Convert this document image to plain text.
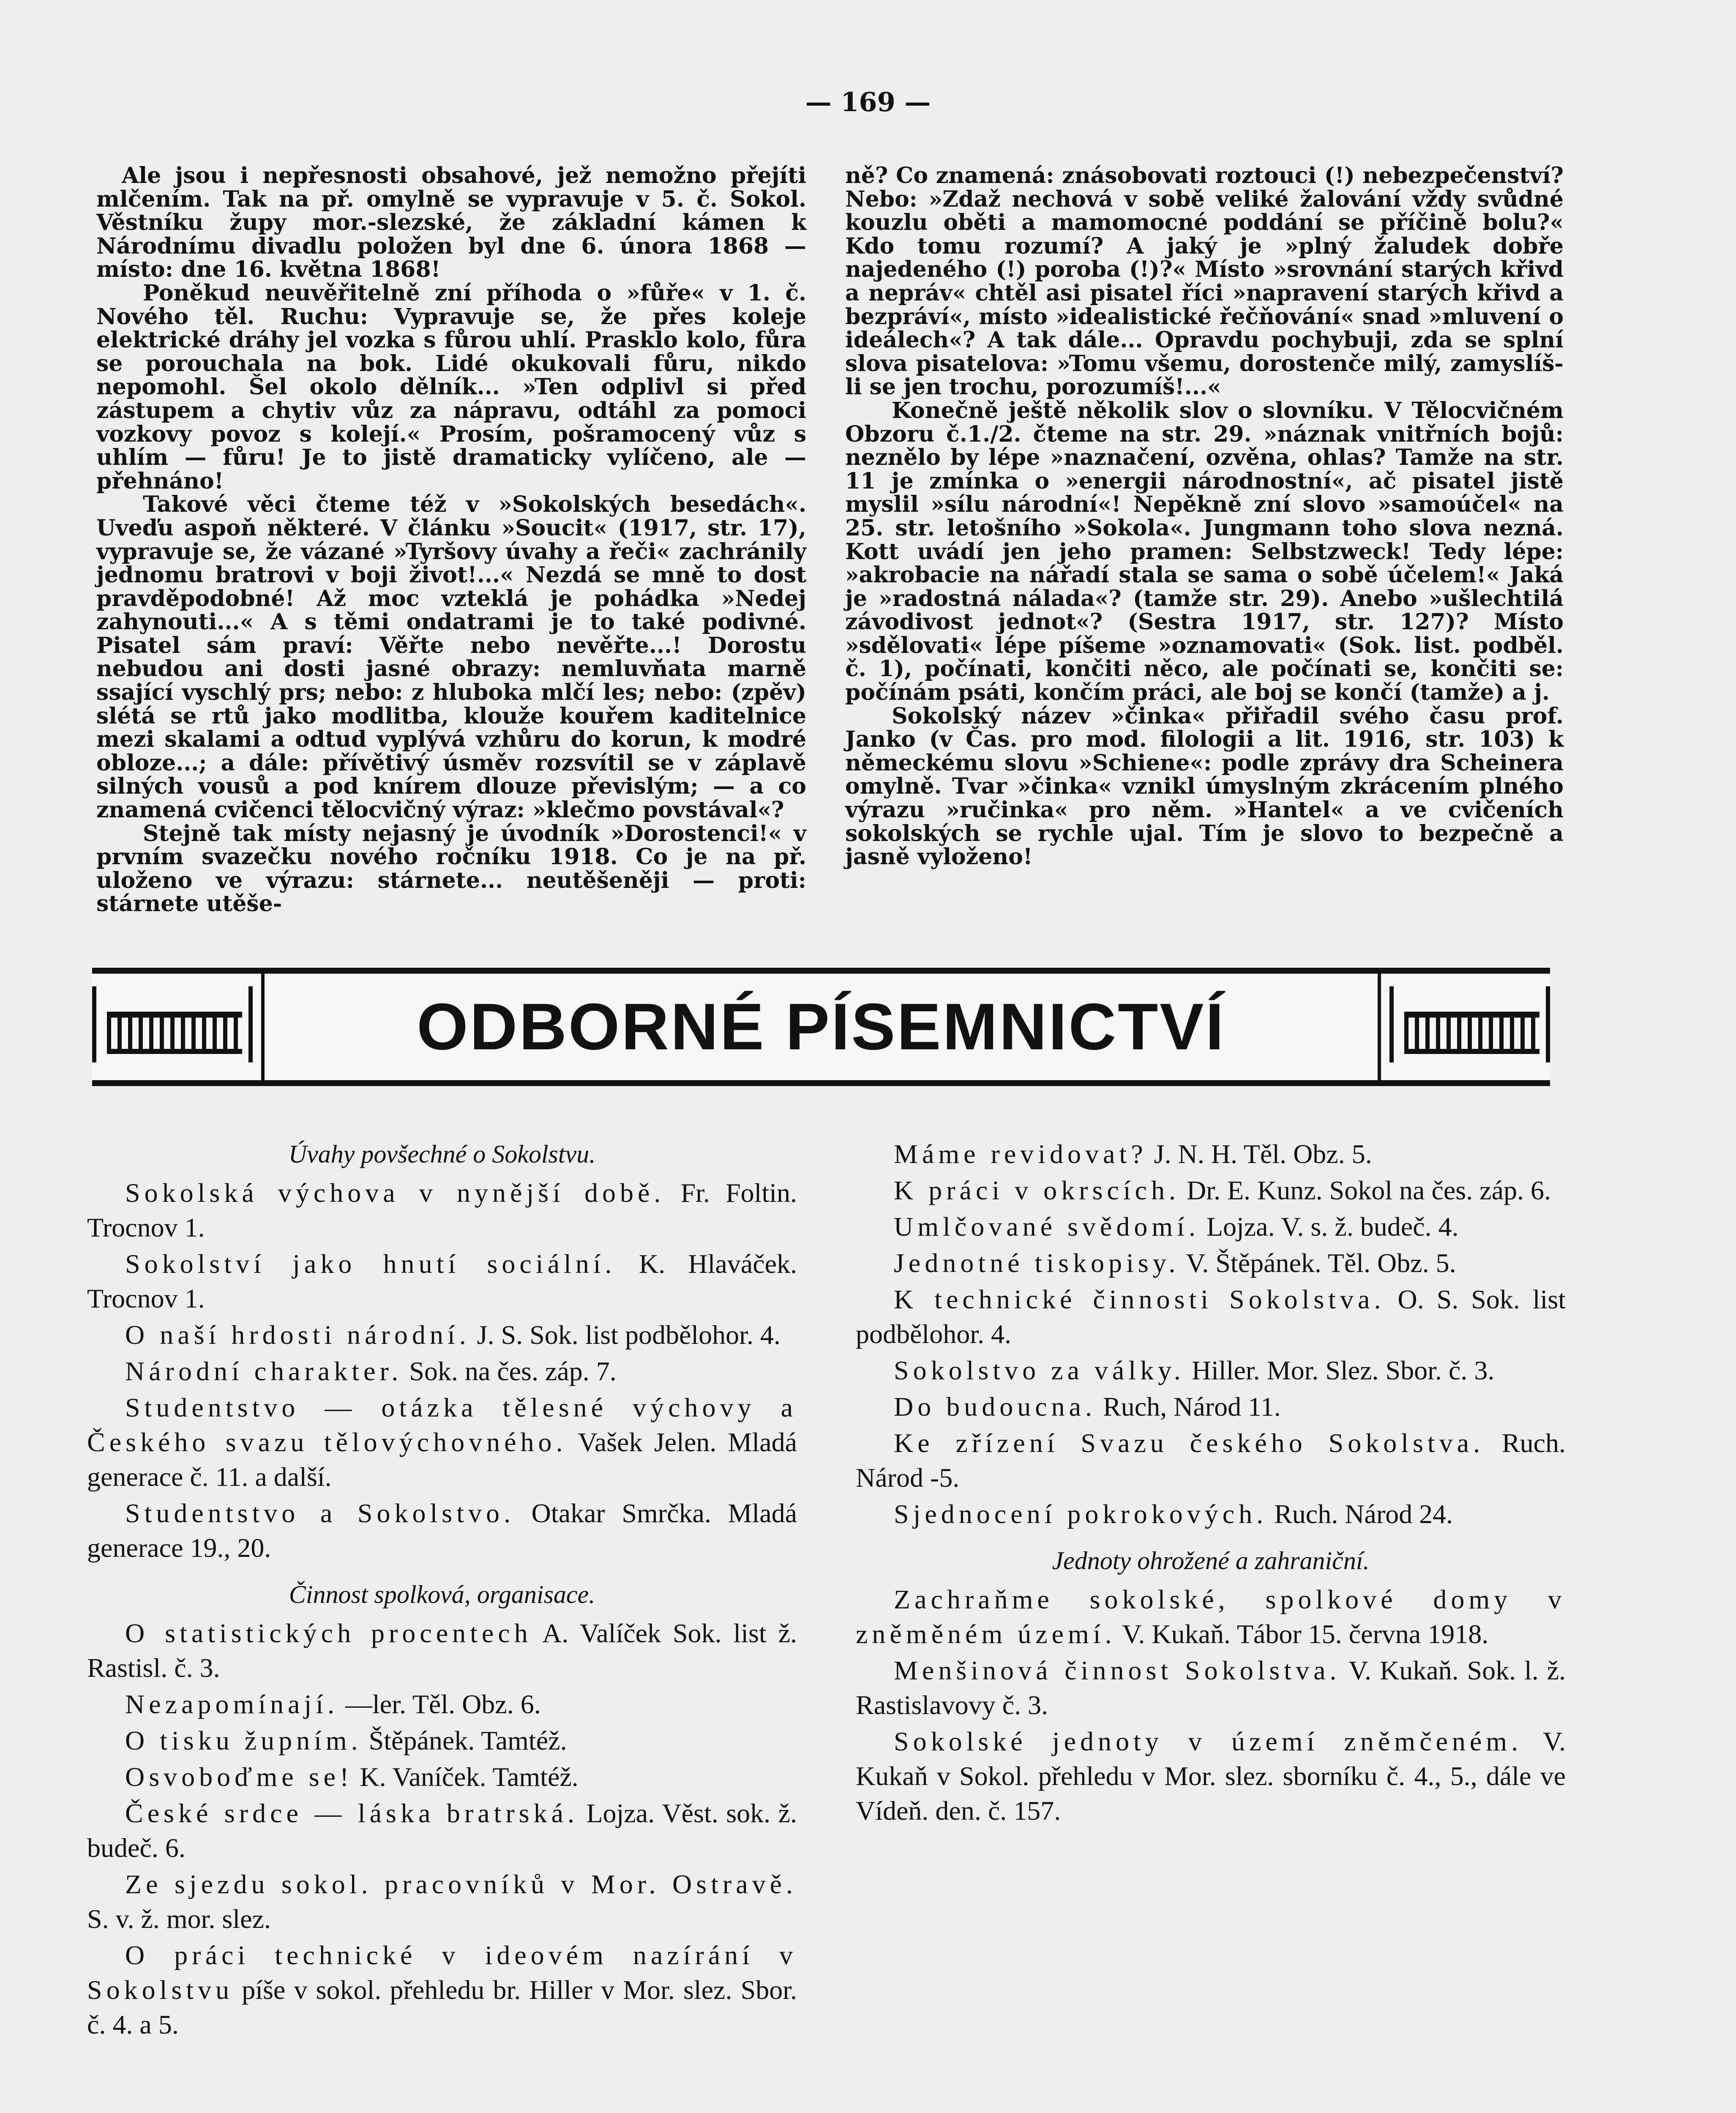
— 169 —

Ale jsou i nepřesnosti obsahové, jež nemožno přejíti mlčením. Tak na př. omylně se vypravuje v 5. č. Sokol. Věstníku župy mor.-slezské, že základní kámen k Národnímu divadlu položen byl dne 6. února 1868 — místo: dne 16. května 1868!

Poněkud neuvěřitelně zní příhoda o »fůře« v 1. č. Nového těl. Ruchu: Vypravuje se, že přes koleje elektrické dráhy jel vozka s fůrou uhlí. Prasklo kolo, fůra se porouchala na bok. Lidé okukovali fůru, nikdo nepomohl. Šel okolo dělník... »Ten odplivl si před zástupem a chytiv vůz za nápravu, odtáhl za pomoci vozkovy povoz s kolejí.« Prosím, pošramocený vůz s uhlím — fůru! Je to jistě dramaticky vylíčeno, ale — přehnáno!

Takové věci čteme též v »Sokolských besedách«. Uveďu aspoň některé. V článku »Soucit« (1917, str. 17), vypravuje se, že vázané »Tyršovy úvahy a řeči« zachránily jednomu bratrovi v boji život!...« Nezdá se mně to dost pravděpodobné! Až moc vzteklá je pohádka »Nedej zahynouti...« A s těmi ondatrami je to také podivné. Pisatel sám praví: Věřte nebo nevěřte...! Dorostu nebudou ani dosti jasné obrazy: nemluvňata marně ssající vyschlý prs; nebo: z hluboka mlčí les; nebo: (zpěv) slétá se rtů jako modlitba, klouže kouřem kaditelnice mezi skalami a odtud vyplývá vzhůru do korun, k modré obloze...; a dále: přívětivý úsměv rozsvítil se v záplavě silných vousů a pod knírem dlouze převislým; — a co znamená cvičenci tělocvičný výraz: »klečmo povstával«?

Stejně tak místy nejasný je úvodník »Dorostenci!« v prvním svazečku nového ročníku 1918. Co je na př. uloženo ve výrazu: stárnete... neutěšeněji — proti: stárnete utěše-

ně? Co znamená: znásobovati roztouci (!) nebezpečenství? Nebo: »Zdaž nechová v sobě veliké žalování vždy svůdné kouzlu oběti a mamomocné poddání se příčině bolu?« Kdo tomu rozumí? A jaký je »plný žaludek dobře najedeného (!) poroba (!)?« Místo »srovnání starých křivd a nepráv« chtěl asi pisatel říci »napravení starých křivd a bezpráví«, místo »idealistické řečňování« snad »mluvení o ideálech«? A tak dále... Opravdu pochybuji, zda se splní slova pisatelova: »Tomu všemu, dorostenče milý, zamyslíš-li se jen trochu, porozumíš!...«

Konečně ještě několik slov o slovníku. V Tělocvičném Obzoru č.1./2. čteme na str. 29. »náznak vnitřních bojů: neznělo by lépe »naznačení, ozvěna, ohlas? Tamže na str. 11 je zmínka o »energii národnostní«, ač pisatel jistě myslil »sílu národní«! Nepěkně zní slovo »samoúčel« na 25. str. letošního »Sokola«. Jungmann toho slova nezná. Kott uvádí jen jeho pramen: Selbstzweck! Tedy lépe: »akrobacie na nářadí stala se sama o sobě účelem!« Jaká je »radostná nálada«? (tamže str. 29). Anebo »ušlechtilá závodivost jednot«? (Sestra 1917, str. 127)? Místo »sdělovati« lépe píšeme »oznamovati« (Sok. list. podběl. č. 1), počínati, končiti něco, ale počínati se, končiti se: počínám psáti, končím práci, ale boj se končí (tamže) a j.

Sokolský název »činka« přiřadil svého času prof. Janko (v Čas. pro mod. filologii a lit. 1916, str. 103) k německému slovu »Schiene«: podle zprávy dra Scheinera omylně. Tvar »činka« vznikl úmyslným zkrácením plného výrazu »ručinka« pro něm. »Hantel« a ve cvičeních sokolských se rychle ujal. Tím je slovo to bezpečně a jasně vyloženo!

ODBORNÉ PÍSEMNICTVÍ
Úvahy povšechné o Sokolstvu.
Sokolská výchova v nynější době. Fr. Foltin. Trocnov 1.
Sokolství jako hnutí sociální. K. Hlaváček. Trocnov 1.
O naší hrdosti národní. J. S. Sok. list podbělohor. 4.
Národní charakter. Sok. na čes. záp. 7.
Studentstvo — otázka tělesné výchovy a Českého svazu tělovýchovného. Vašek Jelen. Mladá generace č. 11. a další.
Studentstvo a Sokolstvo. Otakar Smrčka. Mladá generace 19., 20.
Činnost spolková, organisace.
O statistických procentech A. Valíček Sok. list ž. Rastisl. č. 3.
Nezapomínají. —ler. Těl. Obz. 6.
O tisku župním. Štěpánek. Tamtéž.
Osvoboďme se! K. Vaníček. Tamtéž.
České srdce — láska bratrská. Lojza. Věst. sok. ž. budeč. 6.
Ze sjezdu sokol. pracovníků v Mor. Ostravě. S. v. ž. mor. slez.
O práci technické v ideovém nazírání v Sokolstvu píše v sokol. přehledu br. Hiller v Mor. slez. Sbor. č. 4. a 5.
Máme revidovat? J. N. H. Těl. Obz. 5.
K práci v okrscích. Dr. E. Kunz. Sokol na čes. záp. 6.
Umlčované svědomí. Lojza. V. s. ž. budeč. 4.
Jednotné tiskopisy. V. Štěpánek. Těl. Obz. 5.
K technické činnosti Sokolstva. O. S. Sok. list podbělohor. 4.
Sokolstvo za války. Hiller. Mor. Slez. Sbor. č. 3.
Do budoucna. Ruch, Národ 11.
Ke zřízení Svazu českého Sokolstva. Ruch. Národ -5.
Sjednocení pokrokových. Ruch. Národ 24.
Jednoty ohrožené a zahraniční.
Zachraňme sokolské, spolkové domy v zněměném území. V. Kukaň. Tábor 15. června 1918.
Menšinová činnost Sokolstva. V. Kukaň. Sok. l. ž. Rastislavovy č. 3.
Sokolské jednoty v území zněmčeném. V. Kukaň v Sokol. přehledu v Mor. slez. sborníku č. 4., 5., dále ve Vídeň. den. č. 157.
